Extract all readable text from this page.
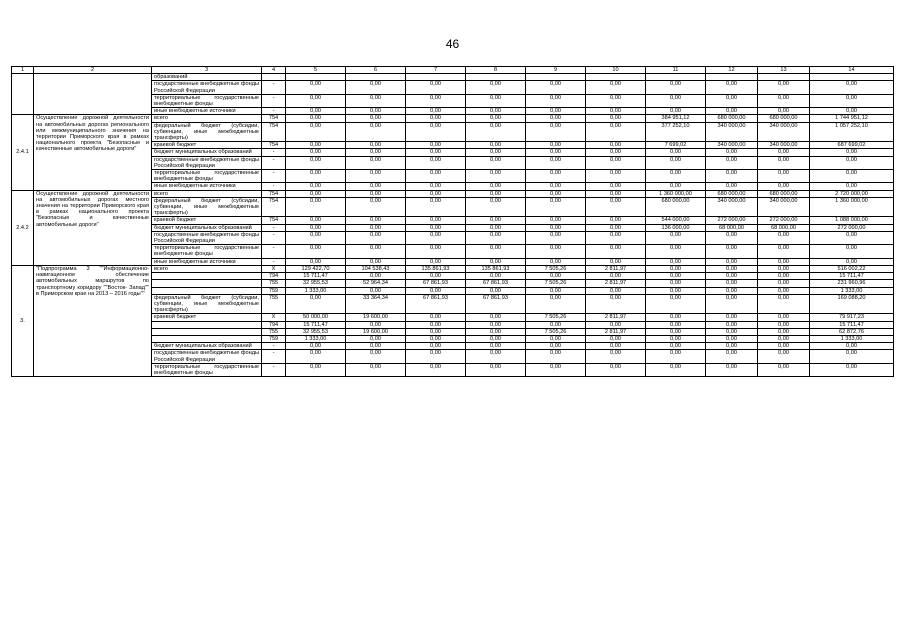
46
1	2	3	4	5	6	7	8	9	10	11	12	13	14
		образований											
		государственные внебюджетные фонды Российской Федерации	-	0,00	0,00	0,00	0,00	0,00	0,00	0,00	0,00	0,00	0,00
		территориальные государственные внебюджетные фонды	-	0,00	0,00	0,00	0,00	0,00	0,00	0,00	0,00	0,00	0,00
		иные внебюджетные источники	-	0,00	0,00	0,00	0,00	0,00	0,00	0,00	0,00	0,00	0,00
2.4.1	Осуществление дорожной деятельности на автомобильных дорогах регионального или межмуниципального значения на территории Приморского края в рамках национального проекта "Безопасные и качественные автомобильные дороги"	всего	754	0,00	0,00	0,00	0,00	0,00	0,00	384 951,12	680 000,00	680 000,00	1 744 951,12
		федеральный бюджет (субсидии, субвенции, иные межбюджетные трансферты)	754	0,00	0,00	0,00	0,00	0,00	0,00	377 252,10	340 000,00	340 000,00	1 057 252,10
		краевой бюджет	754	0,00	0,00	0,00	0,00	0,00	0,00	7 699,02	340 000,00	340 000,00	687 699,02
		бюджет муниципальных образований	-	0,00	0,00	0,00	0,00	0,00	0,00	0,00	0,00	0,00	0,00
		государственные внебюджетные фонды Российской Федерации	-	0,00	0,00	0,00	0,00	0,00	0,00	0,00	0,00	0,00	0,00
		территориальные государственные внебюджетные фонды	-	0,00	0,00	0,00	0,00	0,00	0,00	0,00	0,00	0,00	0,00
		иные внебюджетные источники	-	0,00	0,00	0,00	0,00	0,00	0,00	0,00	0,00	0,00	0,00
2.4.2	Осуществление дорожной деятельности на автомобильных дорогах местного значения на территории Приморского края в рамках национального проекта "Безопасные и качественные автомобильные дороги"	всего	754	0,00	0,00	0,00	0,00	0,00	0,00	1 360 000,00	680 000,00	680 000,00	2 720 000,00
		федеральный бюджет (субсидии, субвенции, иные межбюджетные трансферты)	754	0,00	0,00	0,00	0,00	0,00	0,00	680 000,00	340 000,00	340 000,00	1 360 000,00
		краевой бюджет	754	0,00	0,00	0,00	0,00	0,00	0,00	544 000,00	272 000,00	272 000,00	1 088 000,00
		бюджет муниципальных образований	-	0,00	0,00	0,00	0,00	0,00	0,00	136 000,00	68 000,00	68 000,00	272 000,00
		государственные внебюджетные фонды Российской Федерации	-	0,00	0,00	0,00	0,00	0,00	0,00	0,00	0,00	0,00	0,00
		территориальные государственные внебюджетные фонды	-	0,00	0,00	0,00	0,00	0,00	0,00	0,00	0,00	0,00	0,00
		иные внебюджетные источники	-	0,00	0,00	0,00	0,00	0,00	0,00	0,00	0,00	0,00	0,00
3.	"Подпрограмма 3 ""Информационно-навигационное обеспечение автомобильных маршрутов по транспортному коридору ""Восток- Запад"" в Приморском крае на 2013 – 2016 годы""	всего	X	129 422,70	104 538,43	135 861,93	135 861,93	7 505,26	2 811,97	0,00	0,00	0,00	516 002,22
			794	15 711,47	0,00	0,00	0,00	0,00	0,00	0,00	0,00	0,00	15 711,47
			755	32 955,53	52 964,34	67 861,93	67 861,93	7 505,26	2 811,97	0,00	0,00	0,00	231 960,96
			759	1 333,00	0,00	0,00	0,00	0,00	0,00	0,00	0,00	0,00	1 333,00
		федеральный бюджет (субсидии, субвенции, иные межбюджетные трансферты)	755	0,00	33 364,34	67 861,93	67 861,93	0,00	0,00	0,00	0,00	0,00	169 088,20
		краевой бюджет	X	50 000,00	19 600,00	0,00	0,00	7 505,26	2 811,97	0,00	0,00	0,00	79 917,23
			794	15 711,47	0,00	0,00	0,00	0,00	0,00	0,00	0,00	0,00	15 711,47
			755	32 955,53	19 600,00	0,00	0,00	7 505,26	2 811,97	0,00	0,00	0,00	62 872,76
			759	1 333,00	0,00	0,00	0,00	0,00	0,00	0,00	0,00	0,00	1 333,00
		бюджет муниципальных образований	-	0,00	0,00	0,00	0,00	0,00	0,00	0,00	0,00	0,00	0,00
		государственные внебюджетные фонды Российской Федерации	-	0,00	0,00	0,00	0,00	0,00	0,00	0,00	0,00	0,00	0,00
		территориальные государственные внебюджетные фонды	-	0,00	0,00	0,00	0,00	0,00	0,00	0,00	0,00	0,00	0,00
